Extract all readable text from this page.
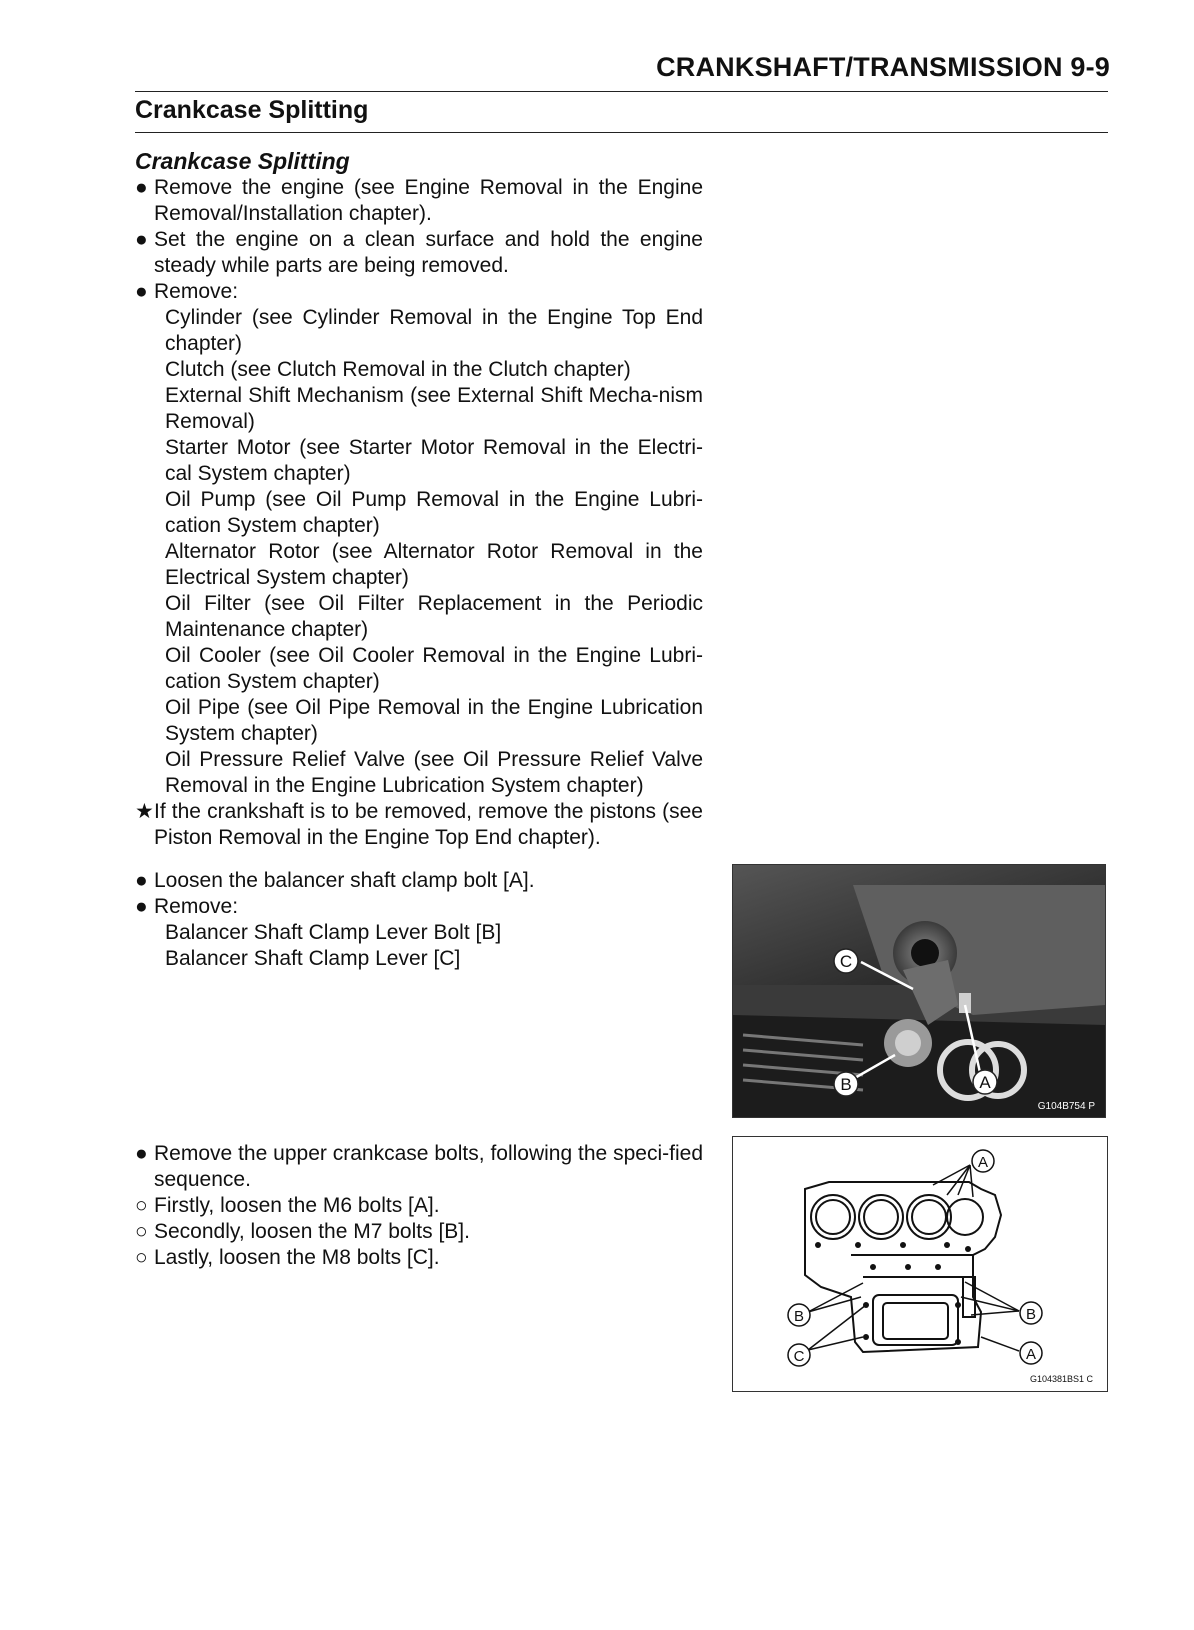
CRANKSHAFT/TRANSMISSION 9-9
Crankcase Splitting
Crankcase Splitting
● Remove the engine (see Engine Removal in the Engine Removal/Installation chapter).
● Set the engine on a clean surface and hold the engine steady while parts are being removed.
● Remove:
Cylinder (see Cylinder Removal in the Engine Top End chapter)
Clutch (see Clutch Removal in the Clutch chapter)
External Shift Mechanism (see External Shift Mecha-nism Removal)
Starter Motor (see Starter Motor Removal in the Electri-cal System chapter)
Oil Pump (see Oil Pump Removal in the Engine Lubri-cation System chapter)
Alternator Rotor (see Alternator Rotor Removal in the Electrical System chapter)
Oil Filter (see Oil Filter Replacement in the Periodic Maintenance chapter)
Oil Cooler (see Oil Cooler Removal in the Engine Lubri-cation System chapter)
Oil Pipe (see Oil Pipe Removal in the Engine Lubrication System chapter)
Oil Pressure Relief Valve (see Oil Pressure Relief Valve Removal in the Engine Lubrication System chapter)
★ If the crankshaft is to be removed, remove the pistons (see Piston Removal in the Engine Top End chapter).
● Loosen the balancer shaft clamp bolt [A].
● Remove:
Balancer Shaft Clamp Lever Bolt [B]
Balancer Shaft Clamp Lever [C]
● Remove the upper crankcase bolts, following the speci-fied sequence.
○ Firstly, loosen the M6 bolts [A].
○ Secondly, loosen the M7 bolts [B].
○ Lastly, loosen the M8 bolts [C].
C
B	A
G104B754 P
A
B	B
C	A
G104381BS1 C
